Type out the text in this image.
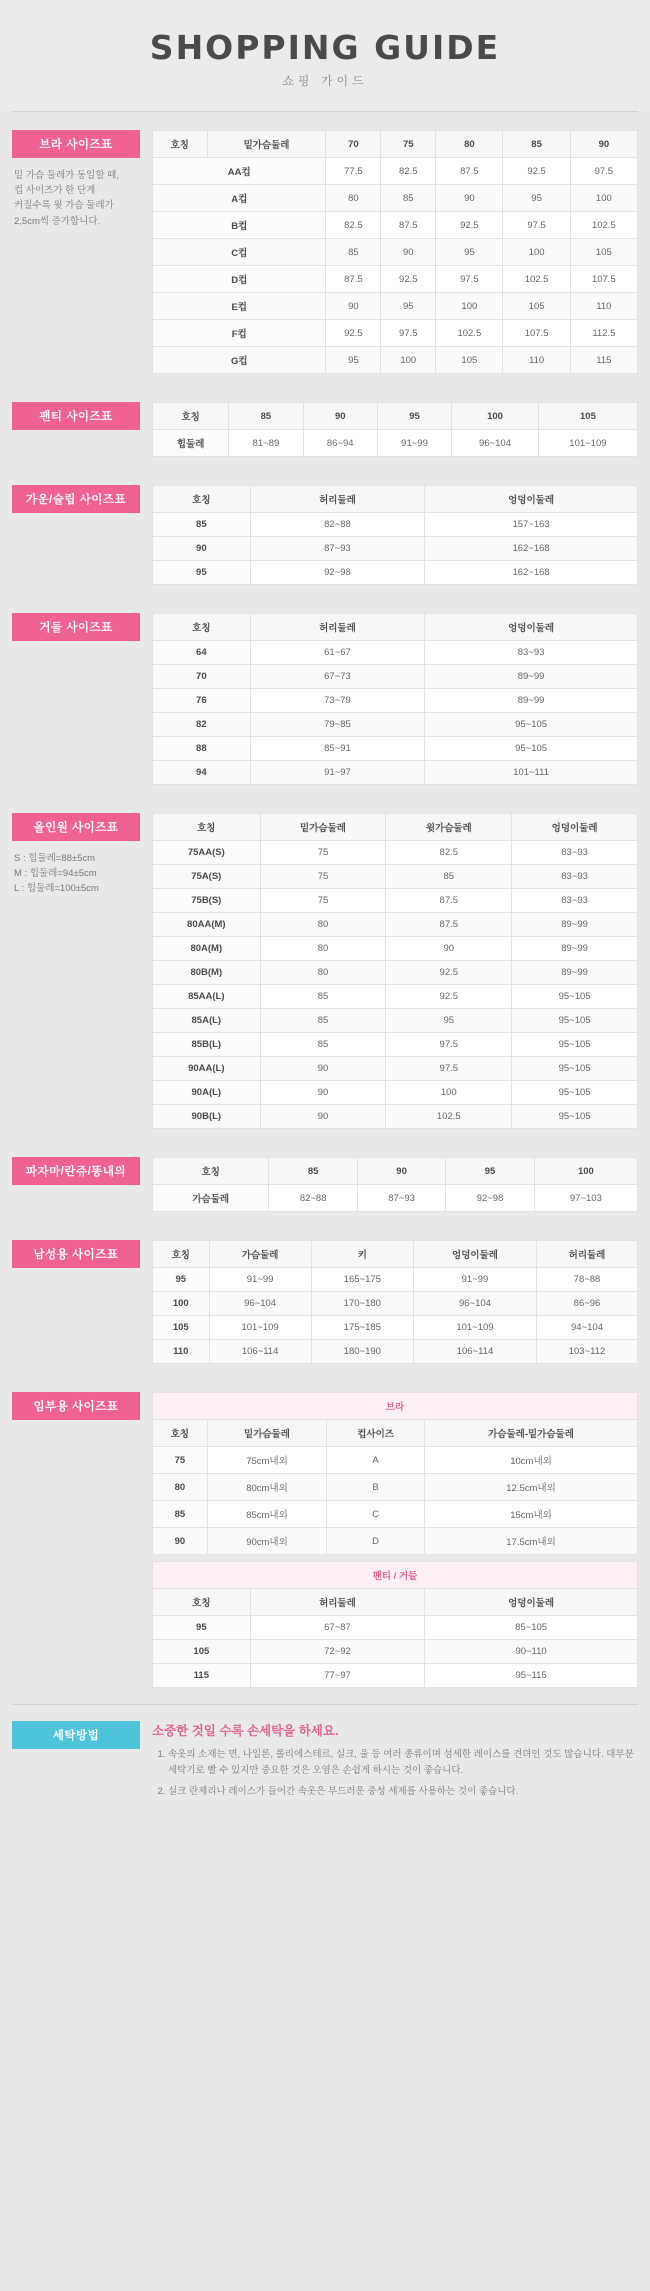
SHOPPING GUIDE
쇼핑 가이드
브라 사이즈표
밑 가슴 둘레가 동일할 때,
컵 사이즈가 한 단계
커질수록 윗 가슴 둘레가
2,5cm씩 증가합니다.
호칭	밑가슴둘레	70	75	80	85	90
AA컵		77.5	82.5	87.5	92.5	97.5
A컵		80	85	90	95	100
B컵		82.5	87.5	92.5	97.5	102.5
C컵		85	90	95	100	105
D컵		87.5	92.5	97.5	102.5	107.5
E컵		90	95	100	105	110
F컵		92.5	97.5	102.5	107.5	112.5
G컵		95	100	105	110	115
팬티 사이즈표	호칭	85	90	95	100	105
힙둘레	81~89	86~94	91~99	96~104	101~109
가운/슬립 사이즈표	호칭	허리둘레	엉덩이둘레
85	82~88	157~163
90	87~93	162~168
95	92~98	162~168
거들 사이즈표	호칭	허리둘레	엉덩이둘레
64	61~67	83~93
70	67~73	89~99
76	73~79	89~99
82	79~85	95~105
88	85~91	95~105
94	91~97	101~111
올인원 사이즈표
S : 힙둘레=88±5cm
M : 힙둘레=94±5cm
L : 힙둘레=100±5cm
호칭	밑가슴둘레	윗가슴둘레	엉덩이둘레
75AA(S)	75	82.5	83~93
75A(S)	75	85	83~93
75B(S)	75	87.5	83~93
80AA(M)	80	87.5	89~99
80A(M)	80	90	89~99
80B(M)	80	92.5	89~99
85AA(L)	85	92.5	95~105
85A(L)	85	95	95~105
85B(L)	85	97.5	95~105
90AA(L)	90	97.5	95~105
90A(L)	90	100	95~105
90B(L)	90	102.5	95~105
파자마/란쥬/똥내의	호칭	85	90	95	100
가슴둘레	82~88	87~93	92~98	97~103
남성용 사이즈표	호칭	가슴둘레	키	엉덩이둘레	허리둘레
95	91~99	165~175	91~99	78~88
100	96~104	170~180	96~104	86~96
105	101~109	175~185	101~109	94~104
110	106~114	180~190	106~114	103~112
임부용 사이즈표	브라			
호칭	밑가슴둘레	컵사이즈	가슴둘레-밑가슴둘레
75	75cm내외	A	10cm내외
80	80cm내외	B	12.5cm내외
85	85cm내외	C	15cm내외
90	90cm내외	D	17.5cm내외
팬티 / 거들		
호칭	허리둘레	엉덩이둘레
95	67~87	85~105
105	72~92	90~110
115	77~97	95~115
세탁방법	소중한 것일 수록 손세탁을 하세요.
1. 속옷의 소재는 면, 나일론, 폴리에스테르, 실크, 울 등 여러 종류이며 섬세한 레이스를 견뎌인 것도 많습니다. 대부분 세탁기로 빨 수 있지만 중요한 것은 오염은 손쉽게 하시는 것이 좋습니다.
2. 실크 란제리나 레이스가 들어간 속옷은 부드러운 중성 세제를 사용하는 것이 좋습니다.
